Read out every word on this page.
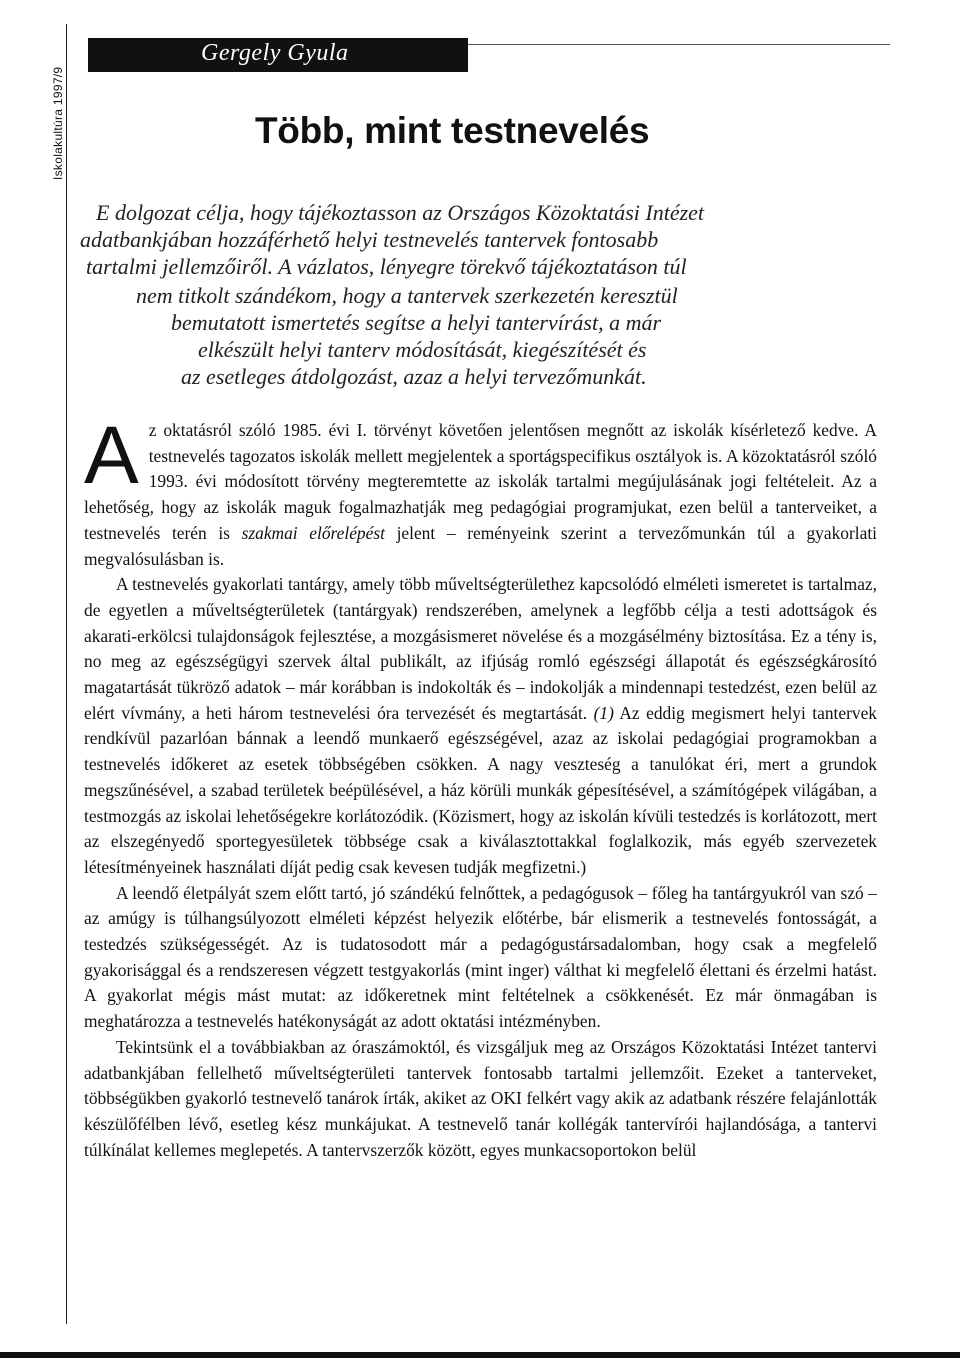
Iskolakultúra 1997/9
Gergely Gyula
Több, mint testnevelés
E dolgozat célja, hogy tájékoztasson az Országos Közoktatási Intézet
adatbankjában hozzáférhető helyi testnevelés tantervek fontosabb
tartalmi jellemzőiről. A vázlatos, lényegre törekvő tájékoztatáson túl
nem titkolt szándékom, hogy a tantervek szerkezetén keresztül
bemutatott ismertetés segítse a helyi tantervírást, a már
elkészült helyi tanterv módosítását, kiegészítését és
az esetleges átdolgozást, azaz a helyi tervezőmunkát.

Az oktatásról szóló 1985. évi I. törvényt követően jelentősen megnőtt az iskolák kísérletező kedve. A testnevelés tagozatos iskolák mellett megjelentek a sportágspecifikus osztályok is. A közoktatásról szóló 1993. évi módosított törvény megteremtette az iskolák tartalmi megújulásának jogi feltételeit. Az a lehetőség, hogy az iskolák maguk fogalmazhatják meg pedagógiai programjukat, ezen belül a tanterveiket, a testnevelés terén is szakmai előrelépést jelent – reményeink szerint a tervezőmunkán túl a gyakorlati megvalósulásban is.

A testnevelés gyakorlati tantárgy, amely több műveltségterülethez kapcsolódó elméleti ismeretet is tartalmaz, de egyetlen a műveltségterületek (tantárgyak) rendszerében, amelynek a legfőbb célja a testi adottságok és akarati-erkölcsi tulajdonságok fejlesztése, a mozgásismeret növelése és a mozgásélmény biztosítása. Ez a tény is, no meg az egészségügyi szervek által publikált, az ifjúság romló egészségi állapotát és egészségkárosító magatartását tükröző adatok – már korábban is indokolták és – indokolják a mindennapi testedzést, ezen belül az elért vívmány, a heti három testnevelési óra tervezését és megtartását. (1) Az eddig megismert helyi tantervek rendkívül pazarlóan bánnak a leendő munkaerő egészségével, azaz az iskolai pedagógiai programokban a testnevelés időkeret az esetek többségében csökken. A nagy veszteség a tanulókat éri, mert a grundok megszűnésével, a szabad területek beépülésével, a ház körüli munkák gépesítésével, a számítógépek világában, a testmozgás az iskolai lehetőségekre korlátozódik. (Közismert, hogy az iskolán kívüli testedzés is korlátozott, mert az elszegényedő sportegyesületek többsége csak a kiválasztottakkal foglalkozik, más egyéb szervezetek létesítményeinek használati díját pedig csak kevesen tudják megfizetni.)

A leendő életpályát szem előtt tartó, jó szándékú felnőttek, a pedagógusok – főleg ha tantárgyukról van szó – az amúgy is túlhangsúlyozott elméleti képzést helyezik előtérbe, bár elismerik a testnevelés fontosságát, a testedzés szükségességét. Az is tudatosodott már a pedagógustársadalomban, hogy csak a megfelelő gyakorisággal és a rendszeresen végzett testgyakorlás (mint inger) válthat ki megfelelő élettani és érzelmi hatást. A gyakorlat mégis mást mutat: az időkeretnek mint feltételnek a csökkenését. Ez már önmagában is meghatározza a testnevelés hatékonyságát az adott oktatási intézményben.

Tekintsünk el a továbbiakban az óraszámoktól, és vizsgáljuk meg az Országos Közoktatási Intézet tantervi adatbankjában fellelhető műveltségterületi tantervek fontosabb tartalmi jellemzőit. Ezeket a tanterveket, többségükben gyakorló testnevelő tanárok írták, akiket az OKI felkért vagy akik az adatbank részére felajánlották készülőfélben lévő, esetleg kész munkájukat. A testnevelő tanár kollégák tantervírói hajlandósága, a tantervi túlkínálat kellemes meglepetés. A tantervszerzők között, egyes munkacsoportokon belül
